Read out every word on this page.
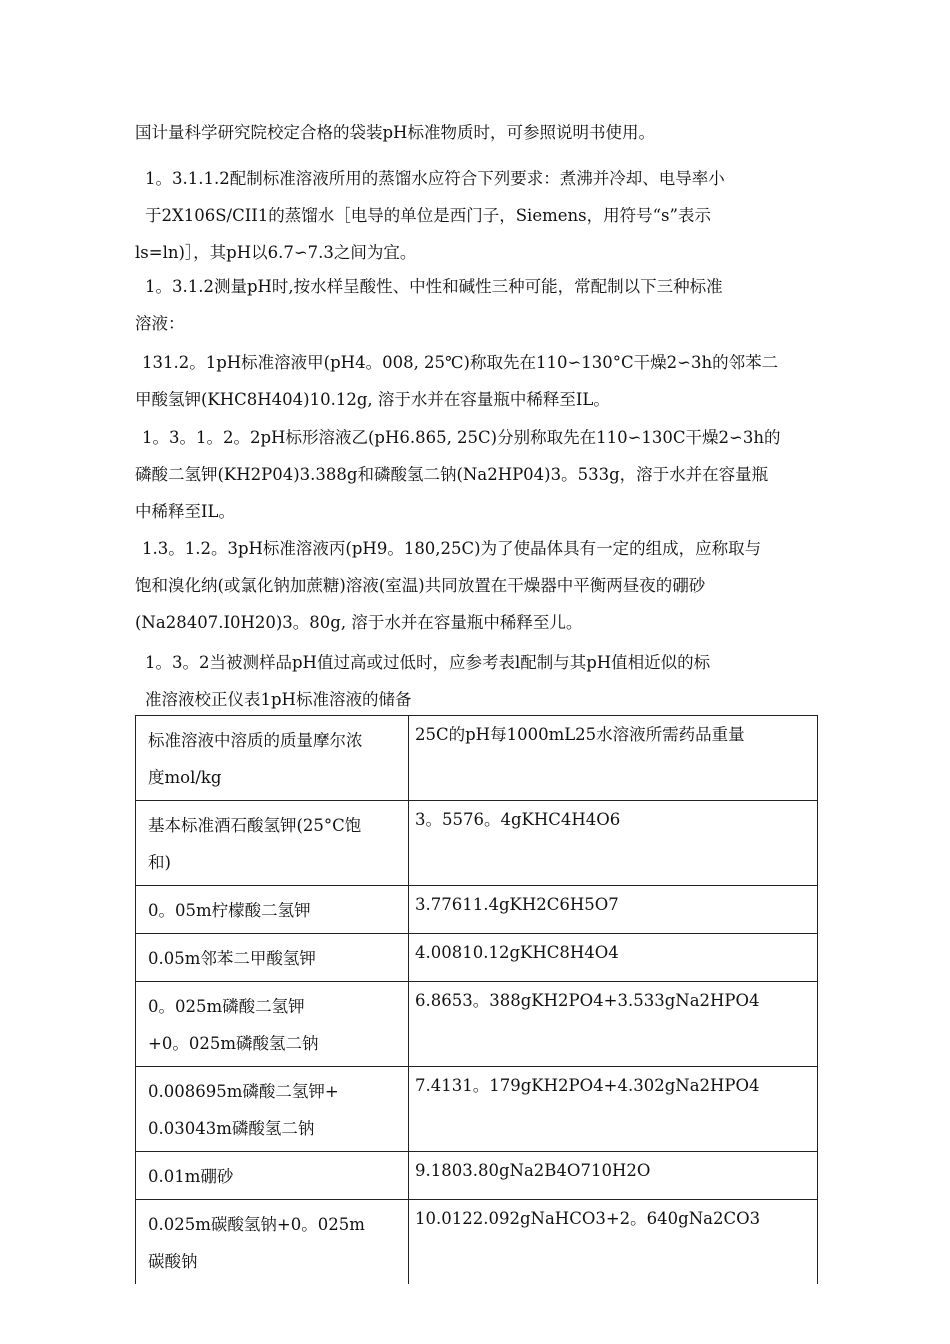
国计量科学研究院校定合格的袋装pH标准物质时，可参照说明书使用。

1。3.1.1.2配制标准溶液所用的蒸馏水应符合下列要求：煮沸并冷却、电导率小
于2X106S/CII1的蒸馏水［电导的单位是西门子，Siemens，用符号“s”表示
ls=ln)］，其pH以6.7∽7.3之间为宜。

1。3.1.2测量pH时,按水样呈酸性、中性和碱性三种可能，常配制以下三种标准
溶液：

131.2。1pH标准溶液甲(pH4。008, 25℃)称取先在110∽130°C干燥2∽3h的邻苯二
甲酸氢钾(KHC8H404)10.12g, 溶于水并在容量瓶中稀释至IL。

1。3。1。2。2pH标形溶液乙(pH6.865, 25C)分别称取先在110∽130C干燥2∽3h的
磷酸二氢钾(KH2P04)3.388g和磷酸氢二钠(Na2HP04)3。533g，溶于水并在容量瓶
中稀释至IL。

1.3。1.2。3pH标准溶液丙(pH9。180,25C)为了使晶体具有一定的组成，应称取与
饱和溴化纳(或氯化钠加蔗糖)溶液(室温)共同放置在干燥器中平衡两昼夜的硼砂
(Na28407.I0H20)3。80g, 溶于水并在容量瓶中稀释至儿。

1。3。2当被测样品pH值过高或过低时，应参考表l配制与其pH值相近似的标
准溶液校正仪表1pH标准溶液的储备

标准溶液中溶质的质量摩尔浓
度mol/kg	25C的pH每1000mL25水溶液所需药品重量

基本标准酒石酸氢钾(25°C饱
和)	3。5576。4gKHC4H4O6

0。05m柠檬酸二氢钾	3.77611.4gKH2C6H5O7

0.05m邻苯二甲酸氢钾	4.00810.12gKHC8H4O4

0。025m磷酸二氢钾
+0。025m磷酸氢二钠	6.8653。388gKH2PO4+3.533gNa2HPO4

0.008695m磷酸二氢钾+
0.03043m磷酸氢二钠	7.4131。179gKH2PO4+4.302gNa2HPO4

0.01m硼砂	9.1803.80gNa2B4O710H2O

0.025m碳酸氢钠+0。025m
碳酸钠	10.0122.092gNaHCO3+2。640gNa2CO3
